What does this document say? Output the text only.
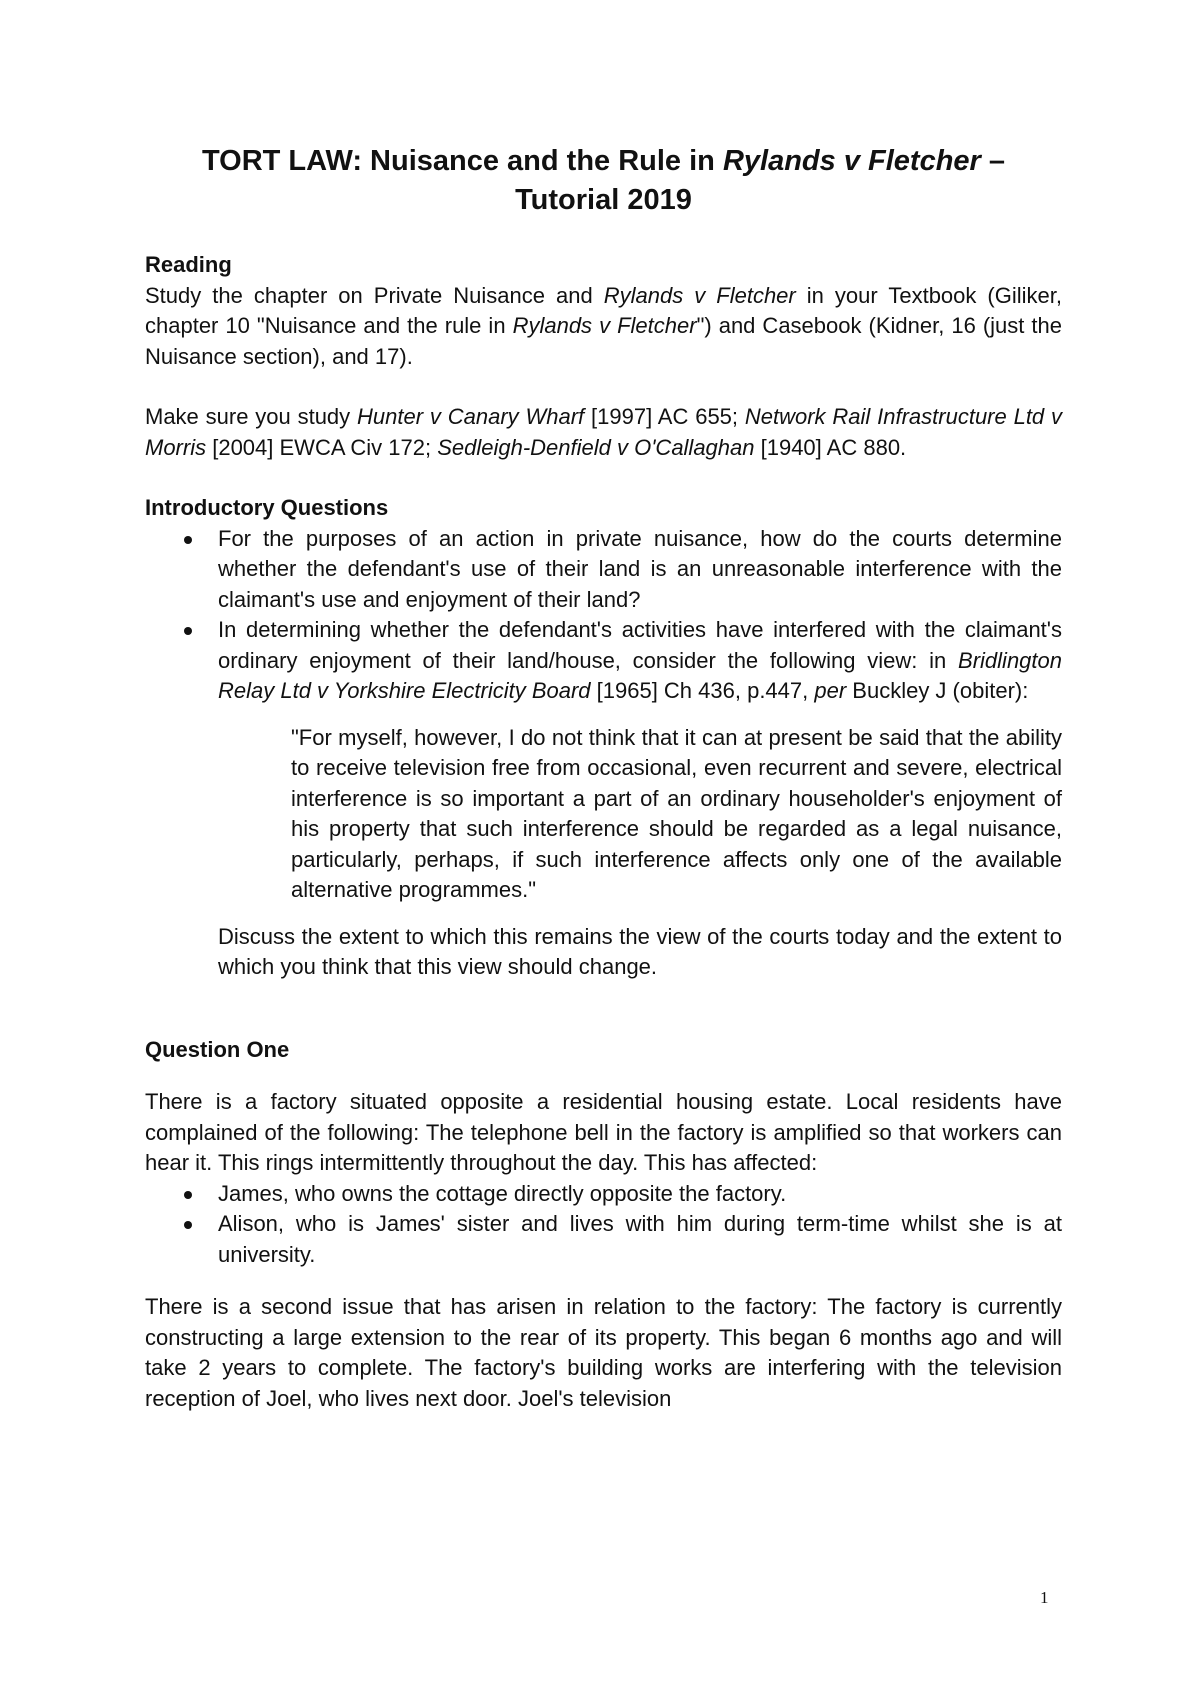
TORT LAW: Nuisance and the Rule in Rylands v Fletcher –
Tutorial 2019

Reading

Study the chapter on Private Nuisance and Rylands v Fletcher in your Textbook (Giliker, chapter 10 "Nuisance and the rule in Rylands v Fletcher") and Casebook (Kidner, 16 (just the Nuisance section), and 17).

Make sure you study Hunter v Canary Wharf [1997] AC 655; Network Rail Infrastructure Ltd v Morris [2004] EWCA Civ 172; Sedleigh-Denfield v O'Callaghan [1940] AC 880.

Introductory Questions

For the purposes of an action in private nuisance, how do the courts determine whether the defendant's use of their land is an unreasonable interference with the claimant's use and enjoyment of their land?
In determining whether the defendant's activities have interfered with the claimant's ordinary enjoyment of their land/house, consider the following view: in Bridlington Relay Ltd v Yorkshire Electricity Board [1965] Ch 436, p.447, per Buckley J (obiter):

"For myself, however, I do not think that it can at present be said that the ability to receive television free from occasional, even recurrent and severe, electrical interference is so important a part of an ordinary householder's enjoyment of his property that such interference should be regarded as a legal nuisance, particularly, perhaps, if such interference affects only one of the available alternative programmes."

Discuss the extent to which this remains the view of the courts today and the extent to which you think that this view should change.

Question One

There is a factory situated opposite a residential housing estate. Local residents have complained of the following: The telephone bell in the factory is amplified so that workers can hear it. This rings intermittently throughout the day. This has affected:

James, who owns the cottage directly opposite the factory.
Alison, who is James' sister and lives with him during term-time whilst she is at university.

There is a second issue that has arisen in relation to the factory: The factory is currently constructing a large extension to the rear of its property. This began 6 months ago and will take 2 years to complete. The factory's building works are interfering with the television reception of Joel, who lives next door. Joel's television

1
